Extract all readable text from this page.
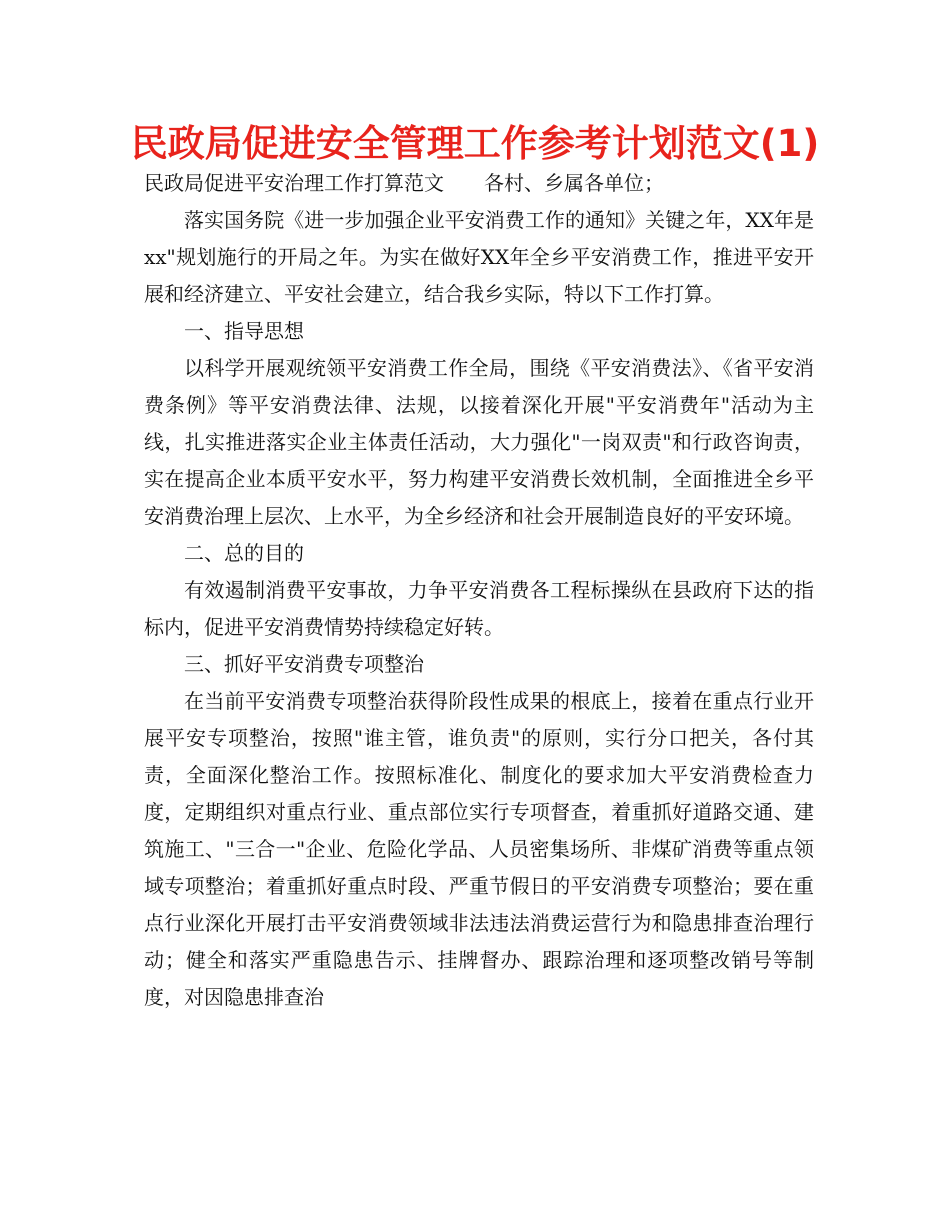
民政局促进安全管理工作参考计划范文(1)

民政局促进平安治理工作打算范文 各村、乡属各单位；

落实国务院《进一步加强企业平安消费工作的通知》关键之年，XX年是xx"规划施行的开局之年。为实在做好XX年全乡平安消费工作，推进平安开展和经济建立、平安社会建立，结合我乡实际，特以下工作打算。

一、指导思想

以科学开展观统领平安消费工作全局，围绕《平安消费法》、《省平安消费条例》等平安消费法律、法规，以接着深化开展"平安消费年"活动为主线，扎实推进落实企业主体责任活动，大力强化"一岗双责"和行政咨询责，实在提高企业本质平安水平，努力构建平安消费长效机制，全面推进全乡平安消费治理上层次、上水平，为全乡经济和社会开展制造良好的平安环境。

二、总的目的

有效遏制消费平安事故，力争平安消费各工程标操纵在县政府下达的指标内，促进平安消费情势持续稳定好转。

三、抓好平安消费专项整治

在当前平安消费专项整治获得阶段性成果的根底上，接着在重点行业开展平安专项整治，按照"谁主管，谁负责"的原则，实行分口把关，各付其责，全面深化整治工作。按照标准化、制度化的要求加大平安消费检查力度，定期组织对重点行业、重点部位实行专项督查，着重抓好道路交通、建筑施工、"三合一"企业、危险化学品、人员密集场所、非煤矿消费等重点领域专项整治；着重抓好重点时段、严重节假日的平安消费专项整治；要在重点行业深化开展打击平安消费领域非法违法消费运营行为和隐患排查治理行动；健全和落实严重隐患告示、挂牌督办、跟踪治理和逐项整改销号等制度，对因隐患排查治
